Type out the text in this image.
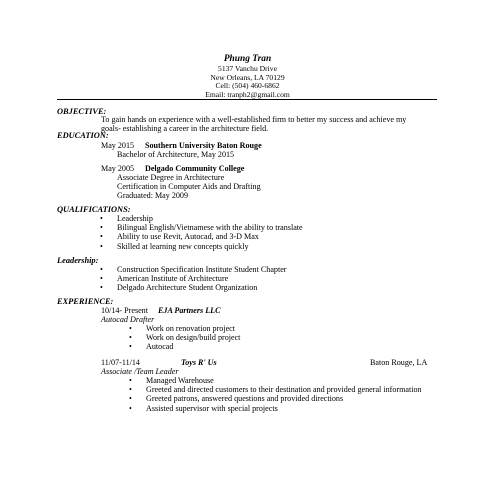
Phung Tran
5137 Vanchu Drive
New Orleans, LA 70129
Cell: (504) 460-6862
Email: tranph2@gmail.com
OBJECTIVE:
To gain hands on experience with a well-established firm to better my success and achieve my
goals- establishing a career in the architecture field.
EDUCATION:
May 2015 Southern University Baton Rouge
Bachelor of Architecture, May 2015
May 2005 Delgado Community College
Associate Degree in Architecture
Certification in Computer Aids and Drafting
Graduated: May 2009
QUALIFICATIONS:
• Leadership
• Bilingual English/Vietnamese with the ability to translate
• Ability to use Revit, Autocad, and 3-D Max
• Skilled at learning new concepts quickly
Leadership:
• Construction Specification Institute Student Chapter
• American Institute of Architecture
• Delgado Architecture Student Organization
EXPERIENCE:
10/14- Present EJA Partners LLC
Autocad Drafter
• Work on renovation project
• Work on design/build project
• Autocad
11/07-11/14	Toys R' Us	Baton Rouge, LA
Associate /Team Leader
• Managed Warehouse
• Greeted and directed customers to their destination and provided general information
• Greeted patrons, answered questions and provided directions
• Assisted supervisor with special projects
